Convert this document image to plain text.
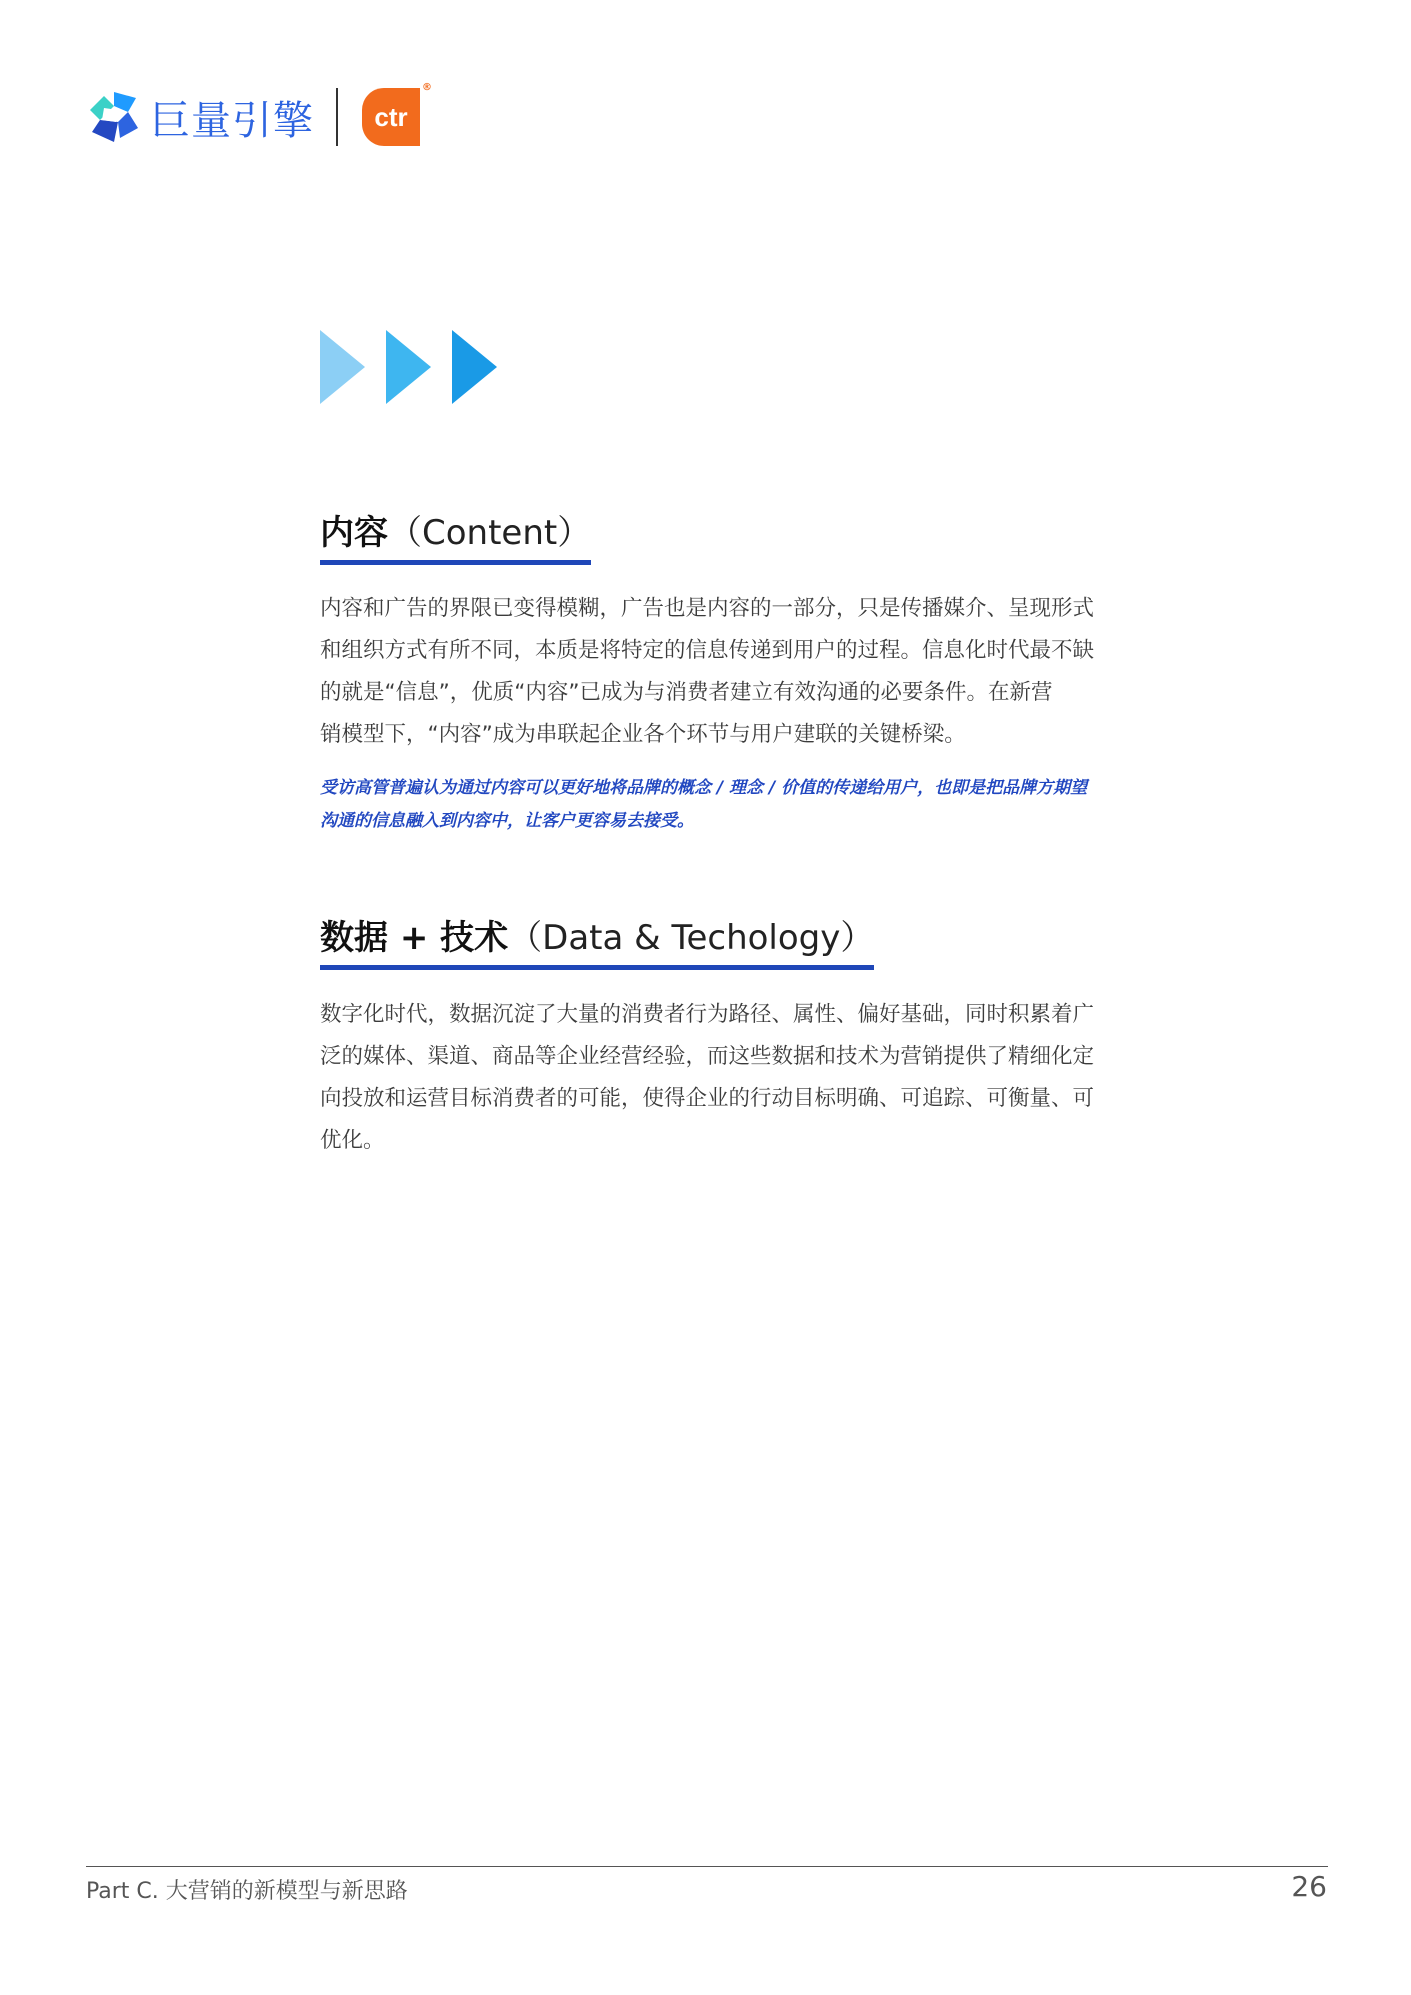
巨量引擎 ctr
®
内容（Content）
内容和广告的界限已变得模糊，广告也是内容的一部分，只是传播媒介、呈现形式
和组织方式有所不同，本质是将特定的信息传递到用户的过程。信息化时代最不缺
的就是“信息”，优质“内容”已成为与消费者建立有效沟通的必要条件。在新营
销模型下，“内容”成为串联起企业各个环节与用户建联的关键桥梁。
受访高管普遍认为通过内容可以更好地将品牌的概念 / 理念 / 价值的传递给用户，也即是把品牌方期望
沟通的信息融入到内容中，让客户更容易去接受。
数据 + 技术（Data & Techology）
数字化时代，数据沉淀了大量的消费者行为路径、属性、偏好基础，同时积累着广
泛的媒体、渠道、商品等企业经营经验，而这些数据和技术为营销提供了精细化定
向投放和运营目标消费者的可能，使得企业的行动目标明确、可追踪、可衡量、可
优化。
Part C. 大营销的新模型与新思路	26
